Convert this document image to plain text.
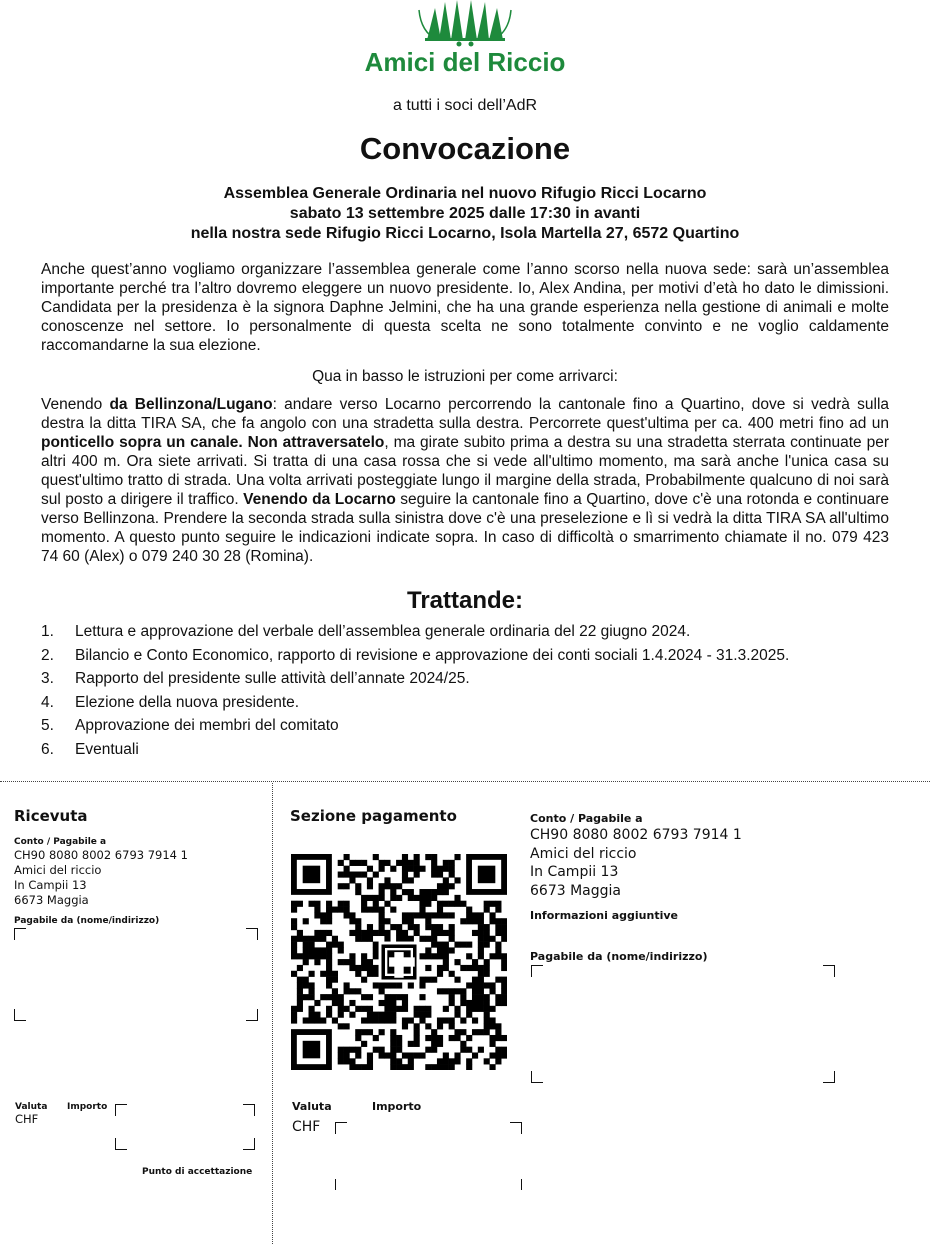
Amici del Riccio
a tutti i soci dell’AdR
Convocazione
Assemblea Generale Ordinaria nel nuovo Rifugio Ricci Locarno
sabato 13 settembre 2025 dalle 17:30 in avanti
nella nostra sede Rifugio Ricci Locarno, Isola Martella 27, 6572 Quartino

Anche quest’anno vogliamo organizzare l’assemblea generale come l’anno scorso nella nuova sede: sarà un’assemblea importante perché tra l’altro dovremo eleggere un nuovo presidente. Io, Alex Andina, per motivi d’età ho dato le dimissioni. Candidata per la presidenza è la signora Daphne Jelmini, che ha una grande esperienza nella gestione di animali e molte conoscenze nel settore. Io personalmente di questa scelta ne sono totalmente convinto e ne voglio caldamente raccomandarne la sua elezione.

Qua in basso le istruzioni per come arrivarci:

Venendo da Bellinzona/Lugano: andare verso Locarno percorrendo la cantonale fino a Quartino, dove si vedrà sulla destra la ditta TIRA SA, che fa angolo con una stradetta sulla destra. Percorrete quest'ultima per ca. 400 metri fino ad un ponticello sopra un canale. Non attraversatelo, ma girate subito prima a destra su una stradetta sterrata continuate per altri 400 m. Ora siete arrivati. Si tratta di una casa rossa che si vede all'ultimo momento, ma sarà anche l'unica casa su quest'ultimo tratto di strada. Una volta arrivati posteggiate lungo il margine della strada, Probabilmente qualcuno di noi sarà sul posto a dirigere il traffico. Venendo da Locarno seguire la cantonale fino a Quartino, dove c'è una rotonda e continuare verso Bellinzona. Prendere la seconda strada sulla sinistra dove c'è una preselezione e lì si vedrà la ditta TIRA SA all'ultimo momento. A questo punto seguire le indicazioni indicate sopra. In caso di difficoltà o smarrimento chiamate il no. 079 423 74 60 (Alex) o 079 240 30 28 (Romina).

Trattande:
1. Lettura e approvazione del verbale dell’assemblea generale ordinaria del 22 giugno 2024.
2. Bilancio e Conto Economico, rapporto di revisione e approvazione dei conti sociali 1.4.2024 - 31.3.2025.
3. Rapporto del presidente sulle attività dell’annate 2024/25.
4. Elezione della nuova presidente.
5. Approvazione dei membri del comitato
6. Eventuali
Ricevuta
Conto / Pagabile a
CH90 8080 8002 6793 7914 1
Amici del riccio
In Campii 13
6673 Maggia
Pagabile da (nome/indirizzo)
Valuta
CHF
Importo
Punto di accettazione
Sezione pagamento
Valuta
CHF
Importo
Conto / Pagabile a
CH90 8080 8002 6793 7914 1
Amici del riccio
In Campii 13
6673 Maggia
Informazioni aggiuntive
Pagabile da (nome/indirizzo)
